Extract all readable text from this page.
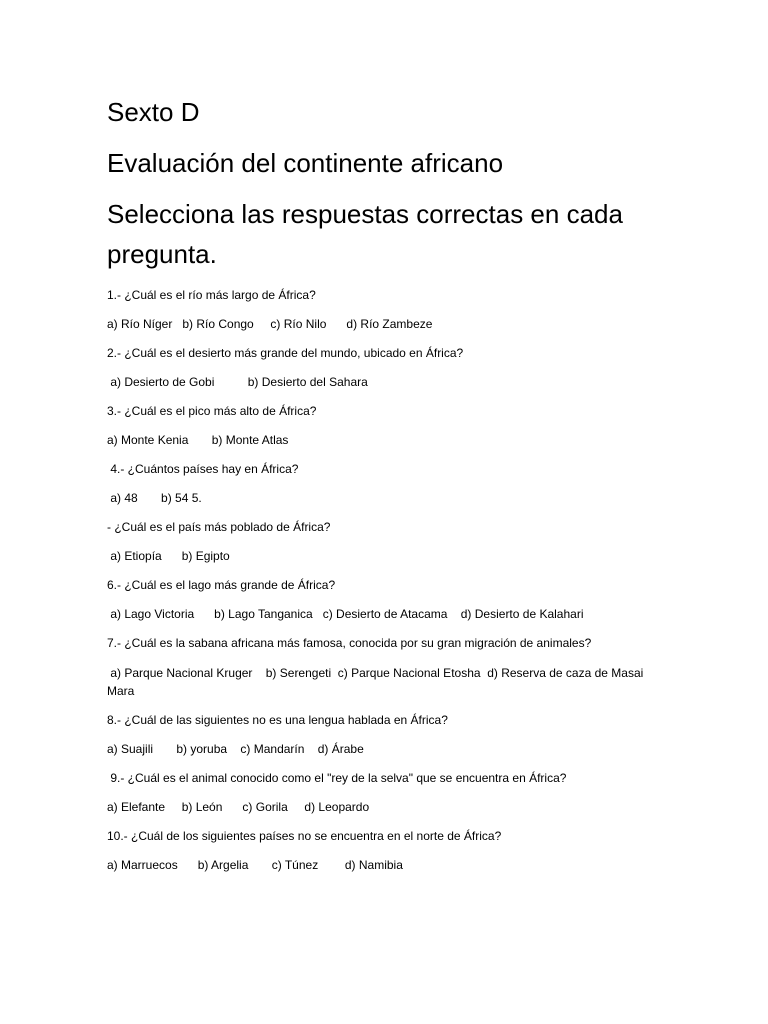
Sexto D
Evaluación del continente africano
Selecciona las respuestas correctas en cada pregunta.
1.- ¿Cuál es el río más largo de África?
a) Río Níger   b) Río Congo     c) Río Nilo      d) Río Zambeze
2.- ¿Cuál es el desierto más grande del mundo, ubicado en África?
a) Desierto de Gobi          b) Desierto del Sahara
3.- ¿Cuál es el pico más alto de África?
a) Monte Kenia       b) Monte Atlas
4.- ¿Cuántos países hay en África?
a) 48       b) 54 5.
- ¿Cuál es el país más poblado de África?
a) Etiopía      b) Egipto
6.- ¿Cuál es el lago más grande de África?
a) Lago Victoria      b) Lago Tanganica   c) Desierto de Atacama    d) Desierto de Kalahari
7.- ¿Cuál es la sabana africana más famosa, conocida por su gran migración de animales?
a) Parque Nacional Kruger    b) Serengeti  c) Parque Nacional Etosha  d) Reserva de caza de Masai Mara
8.- ¿Cuál de las siguientes no es una lengua hablada en África?
a) Suajili       b) yoruba    c) Mandarín    d) Árabe
9.- ¿Cuál es el animal conocido como el "rey de la selva" que se encuentra en África?
a) Elefante     b) León      c) Gorila     d) Leopardo
10.- ¿Cuál de los siguientes países no se encuentra en el norte de África?
a) Marruecos      b) Argelia       c) Túnez        d) Namibia
